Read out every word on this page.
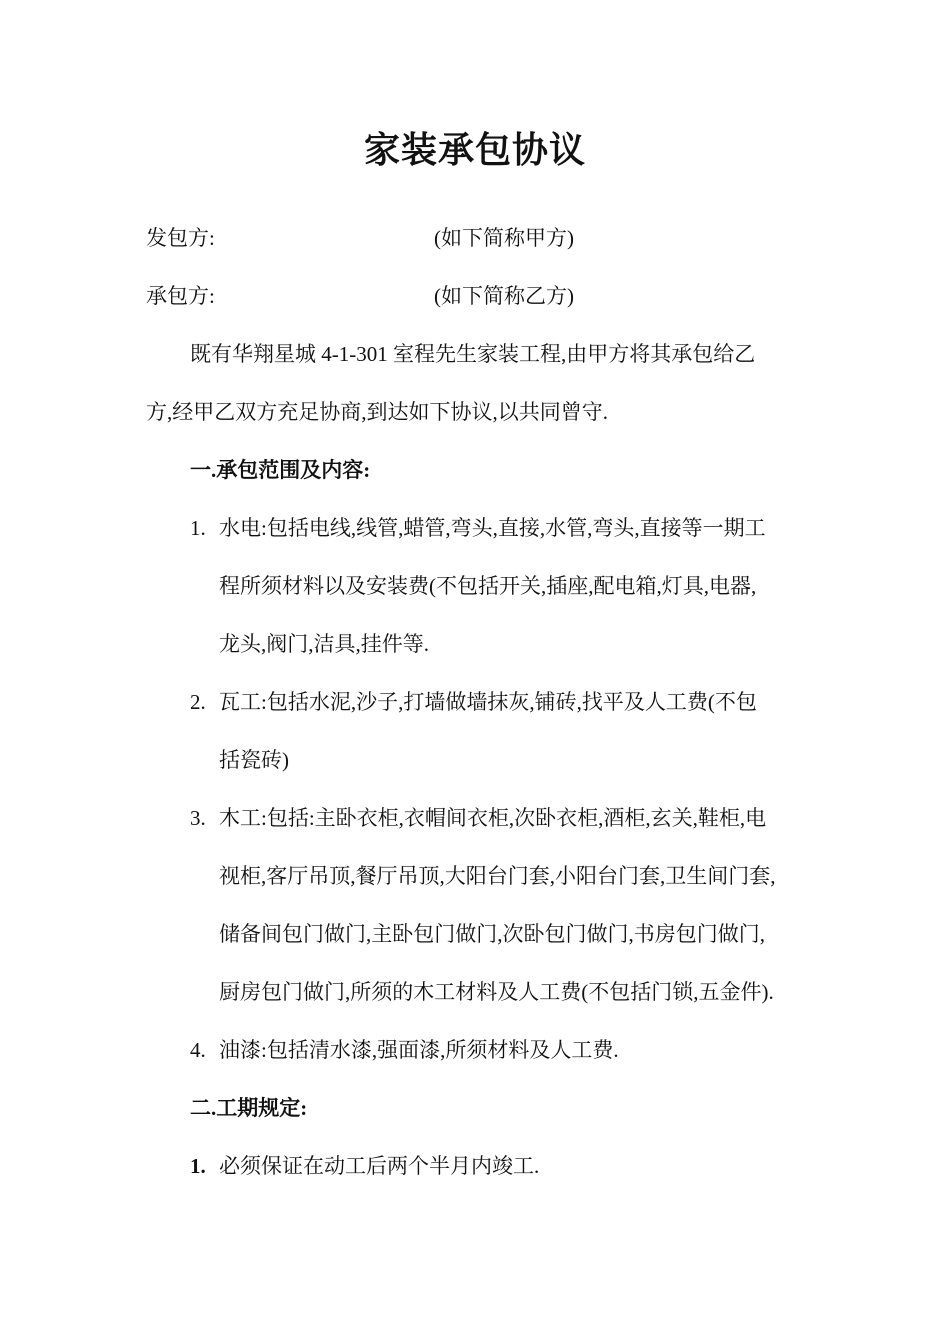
家装承包协议
发包方:	(如下简称甲方)
承包方:	(如下简称乙方)
既有华翔星城 4-1-301 室程先生家装工程,由甲方将其承包给乙
方,经甲乙双方充足协商,到达如下协议,以共同曾守.
一.承包范围及内容:
1. 水电:包括电线,线管,蜡管,弯头,直接,水管,弯头,直接等一期工
程所须材料以及安装费(不包括开关,插座,配电箱,灯具,电器,
龙头,阀门,洁具,挂件等.
2. 瓦工:包括水泥,沙子,打墙做墙抹灰,铺砖,找平及人工费(不包
括瓷砖)
3. 木工:包括:主卧衣柜,衣帽间衣柜,次卧衣柜,酒柜,玄关,鞋柜,电
视柜,客厅吊顶,餐厅吊顶,大阳台门套,小阳台门套,卫生间门套,
储备间包门做门,主卧包门做门,次卧包门做门,书房包门做门,
厨房包门做门,所须的木工材料及人工费(不包括门锁,五金件).
4. 油漆:包括清水漆,强面漆,所须材料及人工费.
二.工期规定:
1. 必须保证在动工后两个半月内竣工.
